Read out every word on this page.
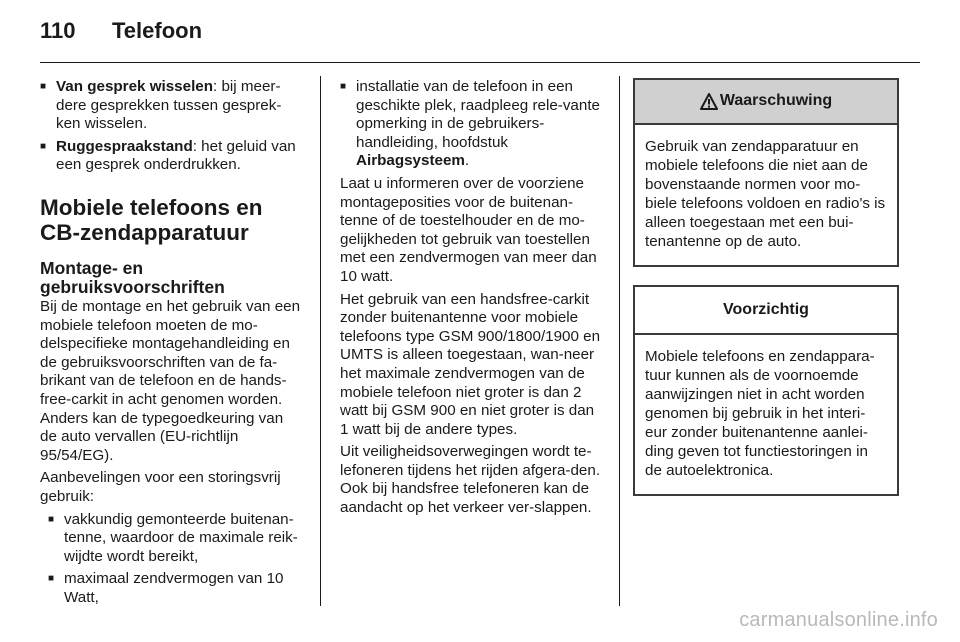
110	Telefoon
■ Van gesprek wisselen: bij meer-dere gesprekken tussen gesprek-ken wisselen.
■ Ruggespraakstand: het geluid van een gesprek onderdrukken.
Mobiele telefoons en CB-zendapparatuur
Montage- en gebruiksvoorschriften

Bij de montage en het gebruik van een mobiele telefoon moeten de mo-delspecifieke montagehandleiding en de gebruiksvoorschriften van de fa-brikant van de telefoon en de hands-free-carkit in acht genomen worden. Anders kan de typegoedkeuring van de auto vervallen (EU-richtlijn 95/54/EG).

Aanbevelingen voor een storingsvrij gebruik:

■ vakkundig gemonteerde buitenan-tenne, waardoor de maximale reik-wijdte wordt bereikt,
■ maximaal zendvermogen van 10 Watt,
■ installatie van de telefoon in een geschikte plek, raadpleeg rele-vante opmerking in de gebruikers-handleiding, hoofdstuk
Airbagsysteem.

Laat u informeren over de voorziene montageposities voor de buitenan-tenne of de toestelhouder en de mo-gelijkheden tot gebruik van toestellen met een zendvermogen van meer dan 10 watt.

Het gebruik van een handsfree-carkit zonder buitenantenne voor mobiele telefoons type GSM 900/1800/1900 en UMTS is alleen toegestaan, wan-neer het maximale zendvermogen van de mobiele telefoon niet groter is dan 2 watt bij GSM 900 en niet groter is dan 1 watt bij de andere types.

Uit veiligheidsoverwegingen wordt te-lefoneren tijdens het rijden afgera-den. Ook bij handsfree telefoneren kan de aandacht op het verkeer ver-slappen.

Waarschuwing
Gebruik van zendapparatuur en mobiele telefoons die niet aan de bovenstaande normen voor mo-biele telefoons voldoen en radio's is alleen toegestaan met een bui-tenantenne op de auto.
Voorzichtig
Mobiele telefoons en zendappara-tuur kunnen als de voornoemde aanwijzingen niet in acht worden genomen bij gebruik in het interi-eur zonder buitenantenne aanlei-ding geven tot functiestoringen in de autoelektronica.
carmanualsonline.info
